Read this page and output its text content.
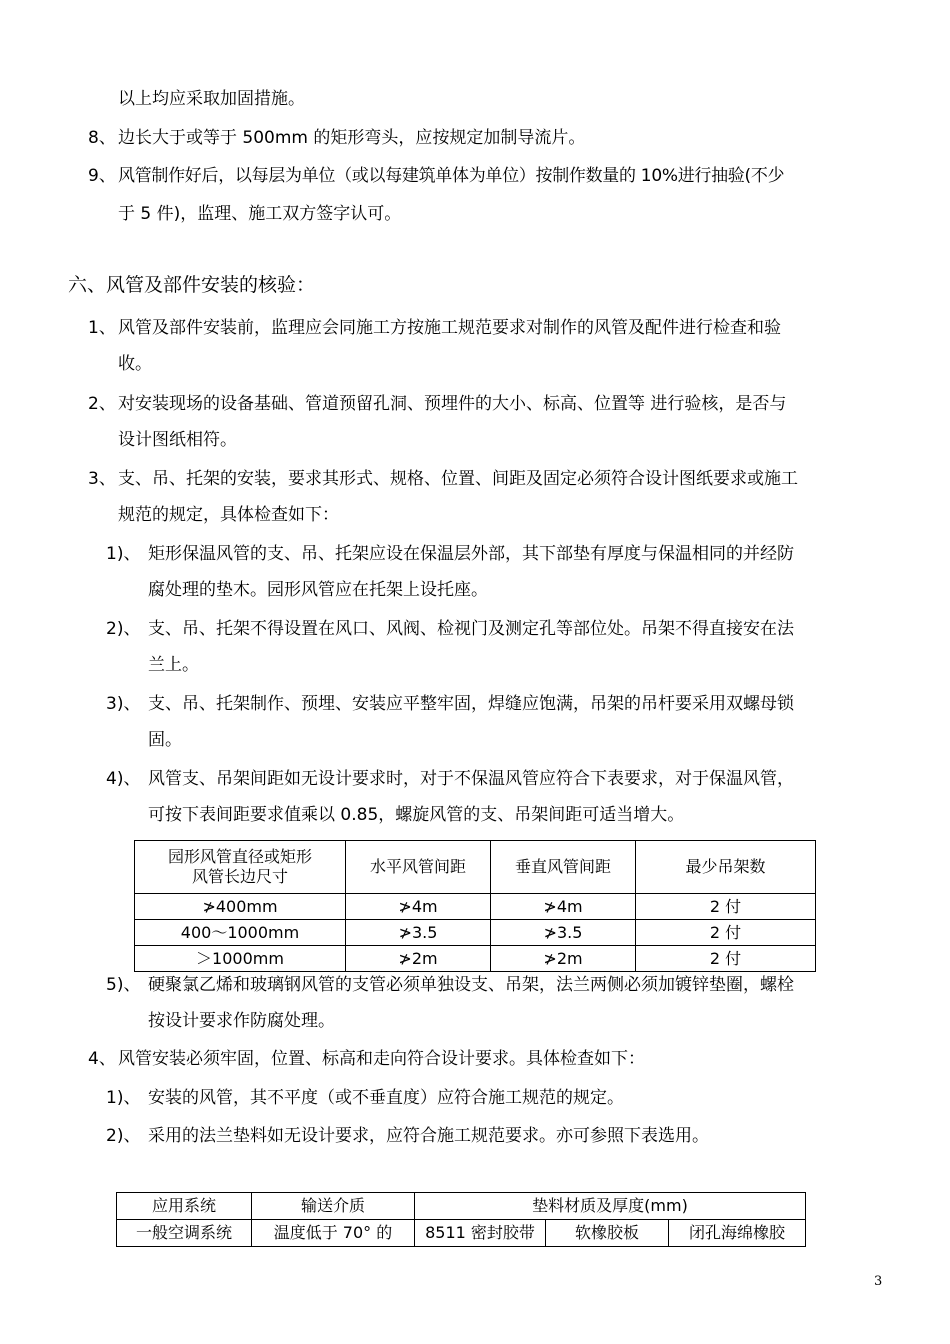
以上均应采取加固措施。
8、 边长大于或等于 500mm 的矩形弯头，应按规定加制导流片。
9、 风管制作好后，以每层为单位（或以每建筑单体为单位）按制作数量的 10%进行抽验(不少
于 5 件)，监理、施工双方签字认可。
六、风管及部件安装的核验：
1、 风管及部件安装前，监理应会同施工方按施工规范要求对制作的风管及配件进行检查和验
收。
2、 对安装现场的设备基础、管道预留孔洞、预埋件的大小、标高、位置等 进行验核，是否与
设计图纸相符。
3、 支、吊、托架的安装，要求其形式、规格、位置、间距及固定必须符合设计图纸要求或施工
规范的规定，具体检查如下：
1)、 矩形保温风管的支、吊、托架应设在保温层外部，其下部垫有厚度与保温相同的并经防
腐处理的垫木。园形风管应在托架上设托座。
2)、 支、吊、托架不得设置在风口、风阀、检视门及测定孔等部位处。吊架不得直接安在法
兰上。
3)、 支、吊、托架制作、预埋、安装应平整牢固，焊缝应饱满，吊架的吊杆要采用双螺母锁
固。
4)、 风管支、吊架间距如无设计要求时，对于不保温风管应符合下表要求，对于保温风管，
可按下表间距要求值乘以 0.85，螺旋风管的支、吊架间距可适当增大。
园形风管直径或矩形
风管长边尺寸	水平风管间距	垂直风管间距	最少吊架数
≯400mm	≯4m	≯4m	2 付
400～1000mm	≯3.5	≯3.5	2 付
＞1000mm	≯2m	≯2m	2 付
5)、 硬聚氯乙烯和玻璃钢风管的支管必须单独设支、吊架，法兰两侧必须加镀锌垫圈，螺栓
按设计要求作防腐处理。
4、 风管安装必须牢固，位置、标高和走向符合设计要求。具体检查如下：
1)、 安装的风管，其不平度（或不垂直度）应符合施工规范的规定。
2)、 采用的法兰垫料如无设计要求，应符合施工规范要求。亦可参照下表选用。
应用系统	输送介质	垫料材质及厚度(mm)		
一般空调系统	温度低于 70° 的	8511 密封胶带	软橡胶板	闭孔海绵橡胶
3
